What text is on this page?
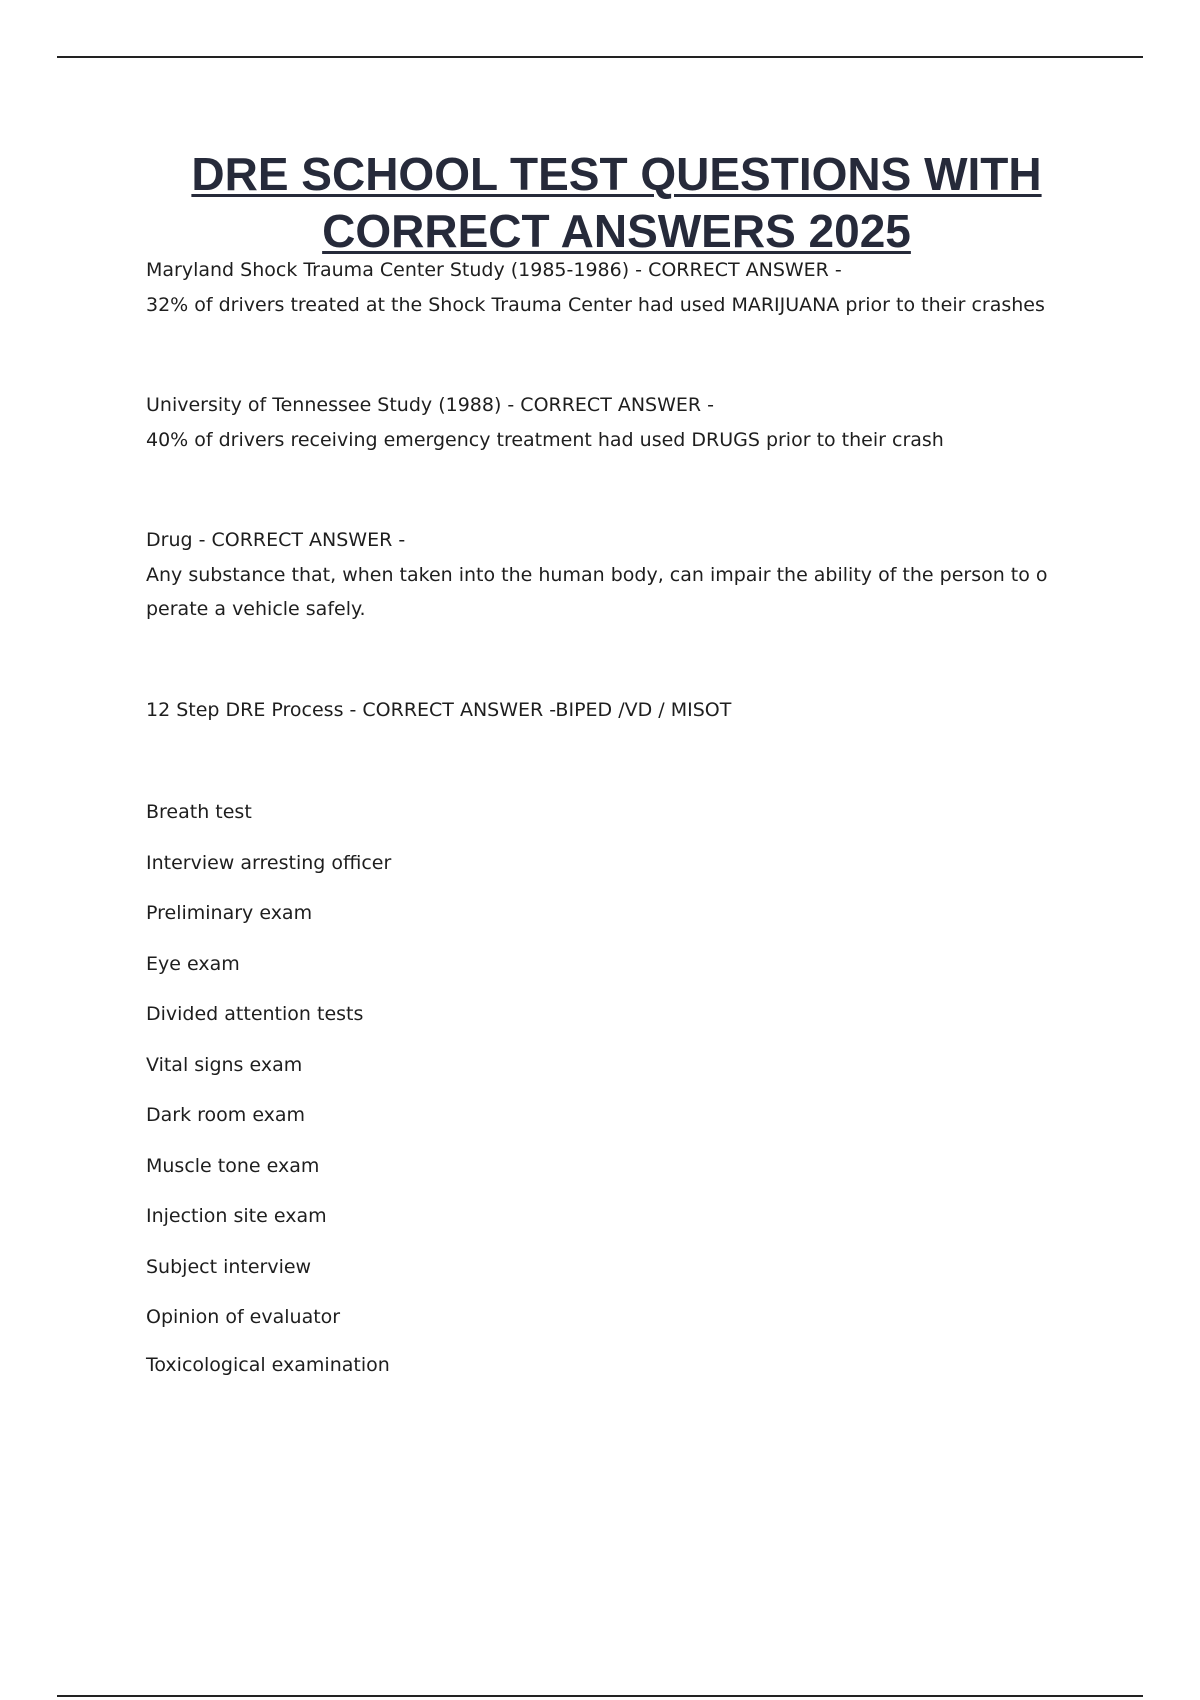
DRE SCHOOL TEST QUESTIONS WITH
CORRECT ANSWERS 2025
Maryland Shock Trauma Center Study (1985-1986) - CORRECT ANSWER -
32% of drivers treated at the Shock Trauma Center had used MARIJUANA prior to their crashes
University of Tennessee Study (1988) - CORRECT ANSWER -
40% of drivers receiving emergency treatment had used DRUGS prior to their crash
Drug - CORRECT ANSWER -
Any substance that, when taken into the human body, can impair the ability of the person to o
perate a vehicle safely.
12 Step DRE Process - CORRECT ANSWER -BIPED /VD / MISOT
Breath test
Interview arresting officer
Preliminary exam
Eye exam
Divided attention tests
Vital signs exam
Dark room exam
Muscle tone exam
Injection site exam
Subject interview
Opinion of evaluator
Toxicological examination
